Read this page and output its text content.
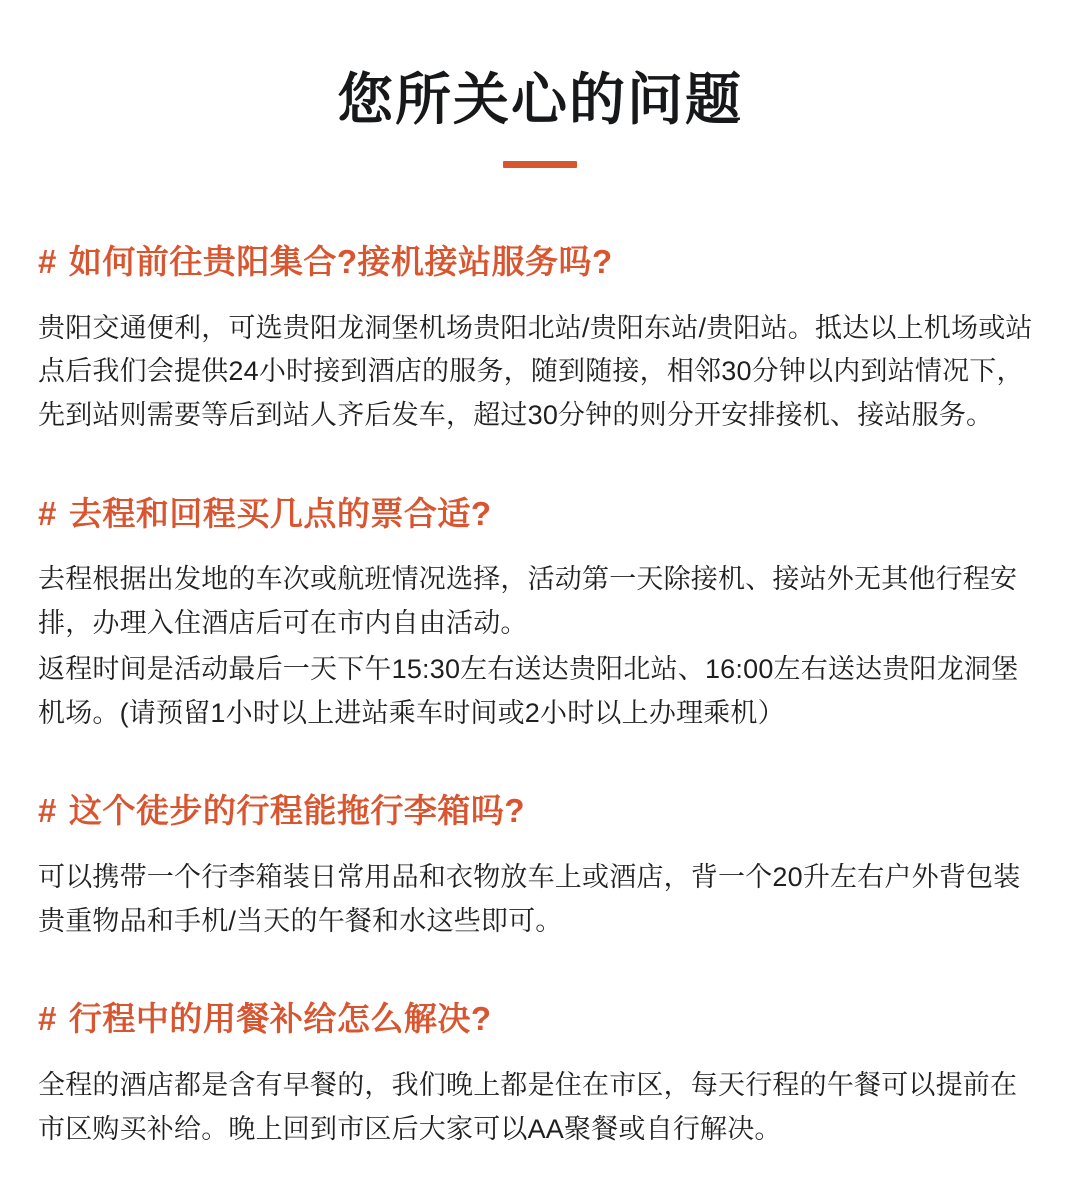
您所关心的问题
# 如何前往贵阳集合?接机接站服务吗?

贵阳交通便利，可选贵阳龙洞堡机场贵阳北站/贵阳东站/贵阳站。抵达以上机场或站点后我们会提供24小时接到酒店的服务，随到随接，相邻30分钟以内到站情况下，先到站则需要等后到站人齐后发车，超过30分钟的则分开安排接机、接站服务。

# 去程和回程买几点的票合适?

去程根据出发地的车次或航班情况选择，活动第一天除接机、接站外无其他行程安排，办理入住酒店后可在市内自由活动。

返程时间是活动最后一天下午15:30左右送达贵阳北站、16:00左右送达贵阳龙洞堡机场。(请预留1小时以上进站乘车时间或2小时以上办理乘机）

# 这个徒步的行程能拖行李箱吗?

可以携带一个行李箱装日常用品和衣物放车上或酒店，背一个20升左右户外背包装贵重物品和手机/当天的午餐和水这些即可。

# 行程中的用餐补给怎么解决?

全程的酒店都是含有早餐的，我们晚上都是住在市区，每天行程的午餐可以提前在市区购买补给。晚上回到市区后大家可以AA聚餐或自行解决。
